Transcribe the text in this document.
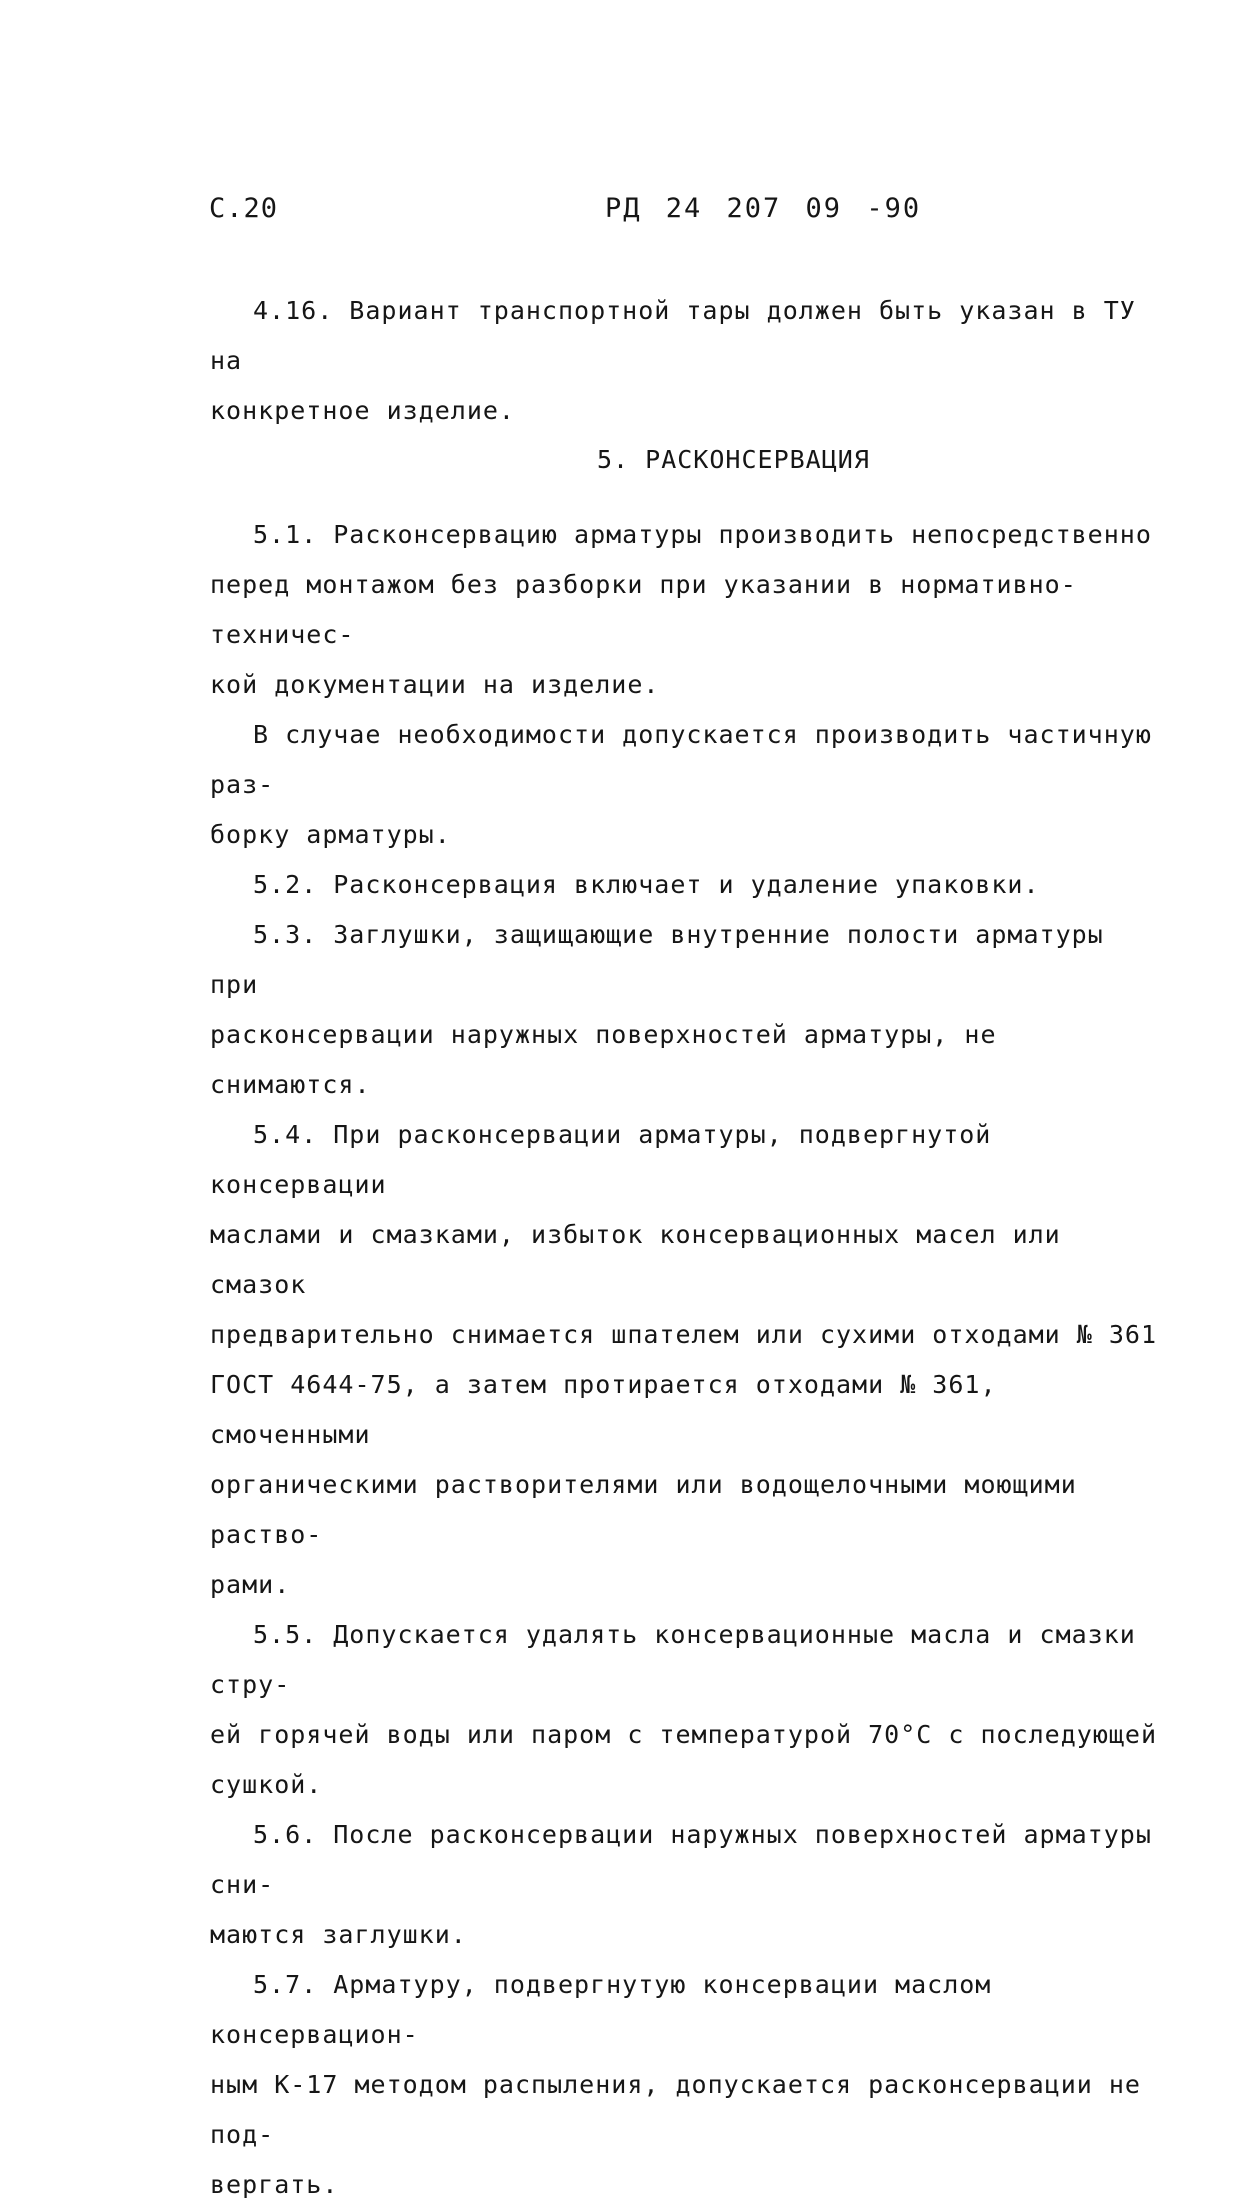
С.20	РД 24 207 09 -90

4.16. Вариант транспортной тары должен быть указан в ТУ на
конкретное изделие.

5. РАСКОНСЕРВАЦИЯ

5.1. Расконсервацию арматуры производить непосредственно
перед монтажом без разборки при указании в нормативно-техничес-
кой документации на изделие.

В случае необходимости допускается производить частичную раз-
борку арматуры.

5.2. Расконсервация включает и удаление упаковки.

5.3. Заглушки, защищающие внутренние полости арматуры при
расконсервации наружных поверхностей арматуры, не снимаются.

5.4. При расконсервации арматуры, подвергнутой консервации
маслами и смазками, избыток консервационных масел или смазок
предварительно снимается шпателем или сухими отходами № 361
ГОСТ 4644-75, а затем протирается отходами № 361, смоченными
органическими растворителями или водощелочными моющими раство-
рами.

5.5. Допускается удалять консервационные масла и смазки стру-
ей горячей воды или паром с температурой 70°С с последующей
сушкой.

5.6. После расконсервации наружных поверхностей арматуры сни-
маются заглушки.

5.7. Арматуру, подвергнутую консервации маслом консервацион-
ным К-17 методом распыления, допускается расконсервации не под-
вергать.
